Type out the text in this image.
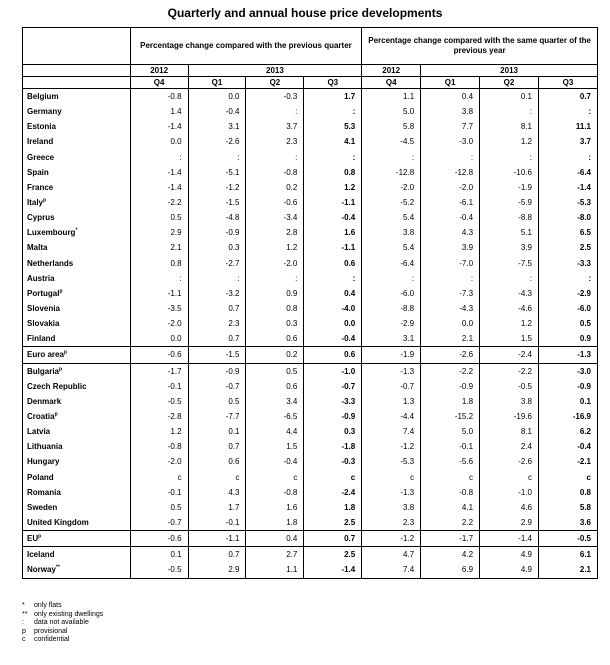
Quarterly and annual house price developments
	Percentage change compared with the previous quarter				Percentage change compared with the same quarter of the previous year			
	2012	2013			2012	2013		
	Q4	Q1	Q2	Q3	Q4	Q1	Q2	Q3
Belgium	-0.8	0.0	-0.3	1.7	1.1	0.4	0.1	0.7
Germany	1.4	-0.4	:	:	5.0	3.8	:	:
Estonia	-1.4	3.1	3.7	5.3	5.8	7.7	8.1	11.1
Ireland	0.0	-2.6	2.3	4.1	-4.5	-3.0	1.2	3.7
Greece	:	:	:	:	:	:	:	:
Spain	-1.4	-5.1	-0.8	0.8	-12.8	-12.8	-10.6	-6.4
France	-1.4	-1.2	0.2	1.2	-2.0	-2.0	-1.9	-1.4
Italy$^p$	-2.2	-1.5	-0.6	-1.1	-5.2	-6.1	-5.9	-5.3
Cyprus	0.5	-4.8	-3.4	-0.4	5.4	-0.4	-8.8	-8.0
Luxembourg*	2.9	-0.9	2.8	1.6	3.8	4.3	5.1	6.5
Malta	2.1	0.3	1.2	-1.1	5.4	3.9	3.9	2.5
Netherlands	0.8	-2.7	-2.0	0.6	-6.4	-7.0	-7.5	-3.3
Austria	:	:	:	:	:	:	:	:
Portugal$^p$	-1.1	-3.2	0.9	0.4	-6.0	-7.3	-4.3	-2.9
Slovenia	-3.5	0.7	0.8	-4.0	-8.8	-4.3	-4.6	-6.0
Slovakia	-2.0	2.3	0.3	0.0	-2.9	0.0	1.2	0.5
Finland	0.0	0.7	0.6	-0.4	3.1	2.1	1.5	0.9
Euro area$^p$	-0.6	-1.5	0.2	0.6	-1.9	-2.6	-2.4	-1.3
Bulgaria$^p$	-1.7	-0.9	0.5	-1.0	-1.3	-2.2	-2.2	-3.0
Czech Republic	-0.1	-0.7	0.6	-0.7	-0.7	-0.9	-0.5	-0.9
Denmark	-0.5	0.5	3.4	-3.3	1.3	1.8	3.8	0.1
Croatia$^p$	-2.8	-7.7	-6.5	-0.9	-4.4	-15.2	-19.6	-16.9
Latvia	1.2	0.1	4.4	0.3	7.4	5.0	8.1	6.2
Lithuania	-0.8	0.7	1.5	-1.8	-1.2	-0.1	2.4	-0.4
Hungary	-2.0	0.6	-0.4	-0.3	-5.3	-5.6	-2.6	-2.1
Poland	c	c	c	c	c	c	c	c
Romania	-0.1	4.3	-0.8	-2.4	-1.3	-0.8	-1.0	0.8
Sweden	0.5	1.7	1.6	1.8	3.8	4.1	4.6	5.8
United Kingdom	-0.7	-0.1	1.8	2.5	2.3	2.2	2.9	3.6
$EU^p$	-0.6	-1.1	0.4	0.7	-1.2	-1.7	-1.4	-0.5
Iceland	0.1	0.7	2.7	2.5	4.7	4.2	4.9	6.1
Norway**	-0.5	2.9	1.1	-1.4	7.4	6.9	4.9	2.1
*	only flats
** only existing dwellings
:	data not available
p	provisional
c	confidential
